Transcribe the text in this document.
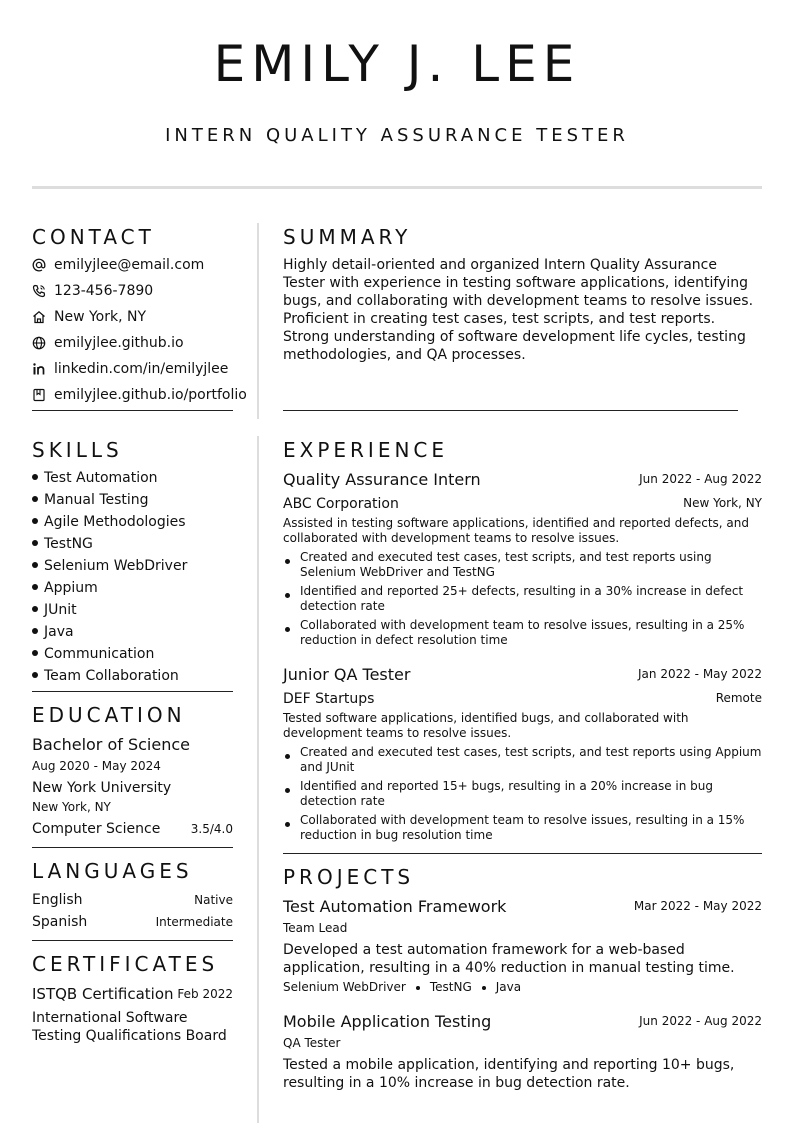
EMILY J. LEE
INTERN QUALITY ASSURANCE TESTER
CONTACT
emilyjlee@email.com
123-456-7890
New York, NY
emilyjlee.github.io
linkedin.com/in/emilyjlee
emilyjlee.github.io/portfolio
SUMMARY
Highly detail-oriented and organized Intern Quality Assurance Tester with experience in testing software applications, identifying bugs, and collaborating with development teams to resolve issues. Proficient in creating test cases, test scripts, and test reports. Strong understanding of software development life cycles, testing methodologies, and QA processes.
SKILLS
Test Automation
Manual Testing
Agile Methodologies
TestNG
Selenium WebDriver
Appium
JUnit
Java
Communication
Team Collaboration
EDUCATION
Bachelor of Science
Aug 2020 - May 2024
New York University
New York, NY
Computer Science	3.5/4.0
LANGUAGES
English	Native
Spanish	Intermediate
CERTIFICATES
ISTQB Certification Feb 2022
International Software Testing Qualifications Board
EXPERIENCE
Quality Assurance Intern	Jun 2022 - Aug 2022
ABC Corporation	New York, NY
Assisted in testing software applications, identified and reported defects, and collaborated with development teams to resolve issues.
Created and executed test cases, test scripts, and test reports using Selenium WebDriver and TestNG
Identified and reported 25+ defects, resulting in a 30% increase in defect detection rate
Collaborated with development team to resolve issues, resulting in a 25% reduction in defect resolution time
Junior QA Tester	Jan 2022 - May 2022
DEF Startups	Remote
Tested software applications, identified bugs, and collaborated with development teams to resolve issues.
Created and executed test cases, test scripts, and test reports using Appium and JUnit
Identified and reported 15+ bugs, resulting in a 20% increase in bug detection rate
Collaborated with development team to resolve issues, resulting in a 15% reduction in bug resolution time
PROJECTS
Test Automation Framework	Mar 2022 - May 2022
Team Lead
Developed a test automation framework for a web-based application, resulting in a 40% reduction in manual testing time.
Selenium WebDriver TestNG Java
Mobile Application Testing	Jun 2022 - Aug 2022
QA Tester
Tested a mobile application, identifying and reporting 10+ bugs, resulting in a 10% increase in bug detection rate.
